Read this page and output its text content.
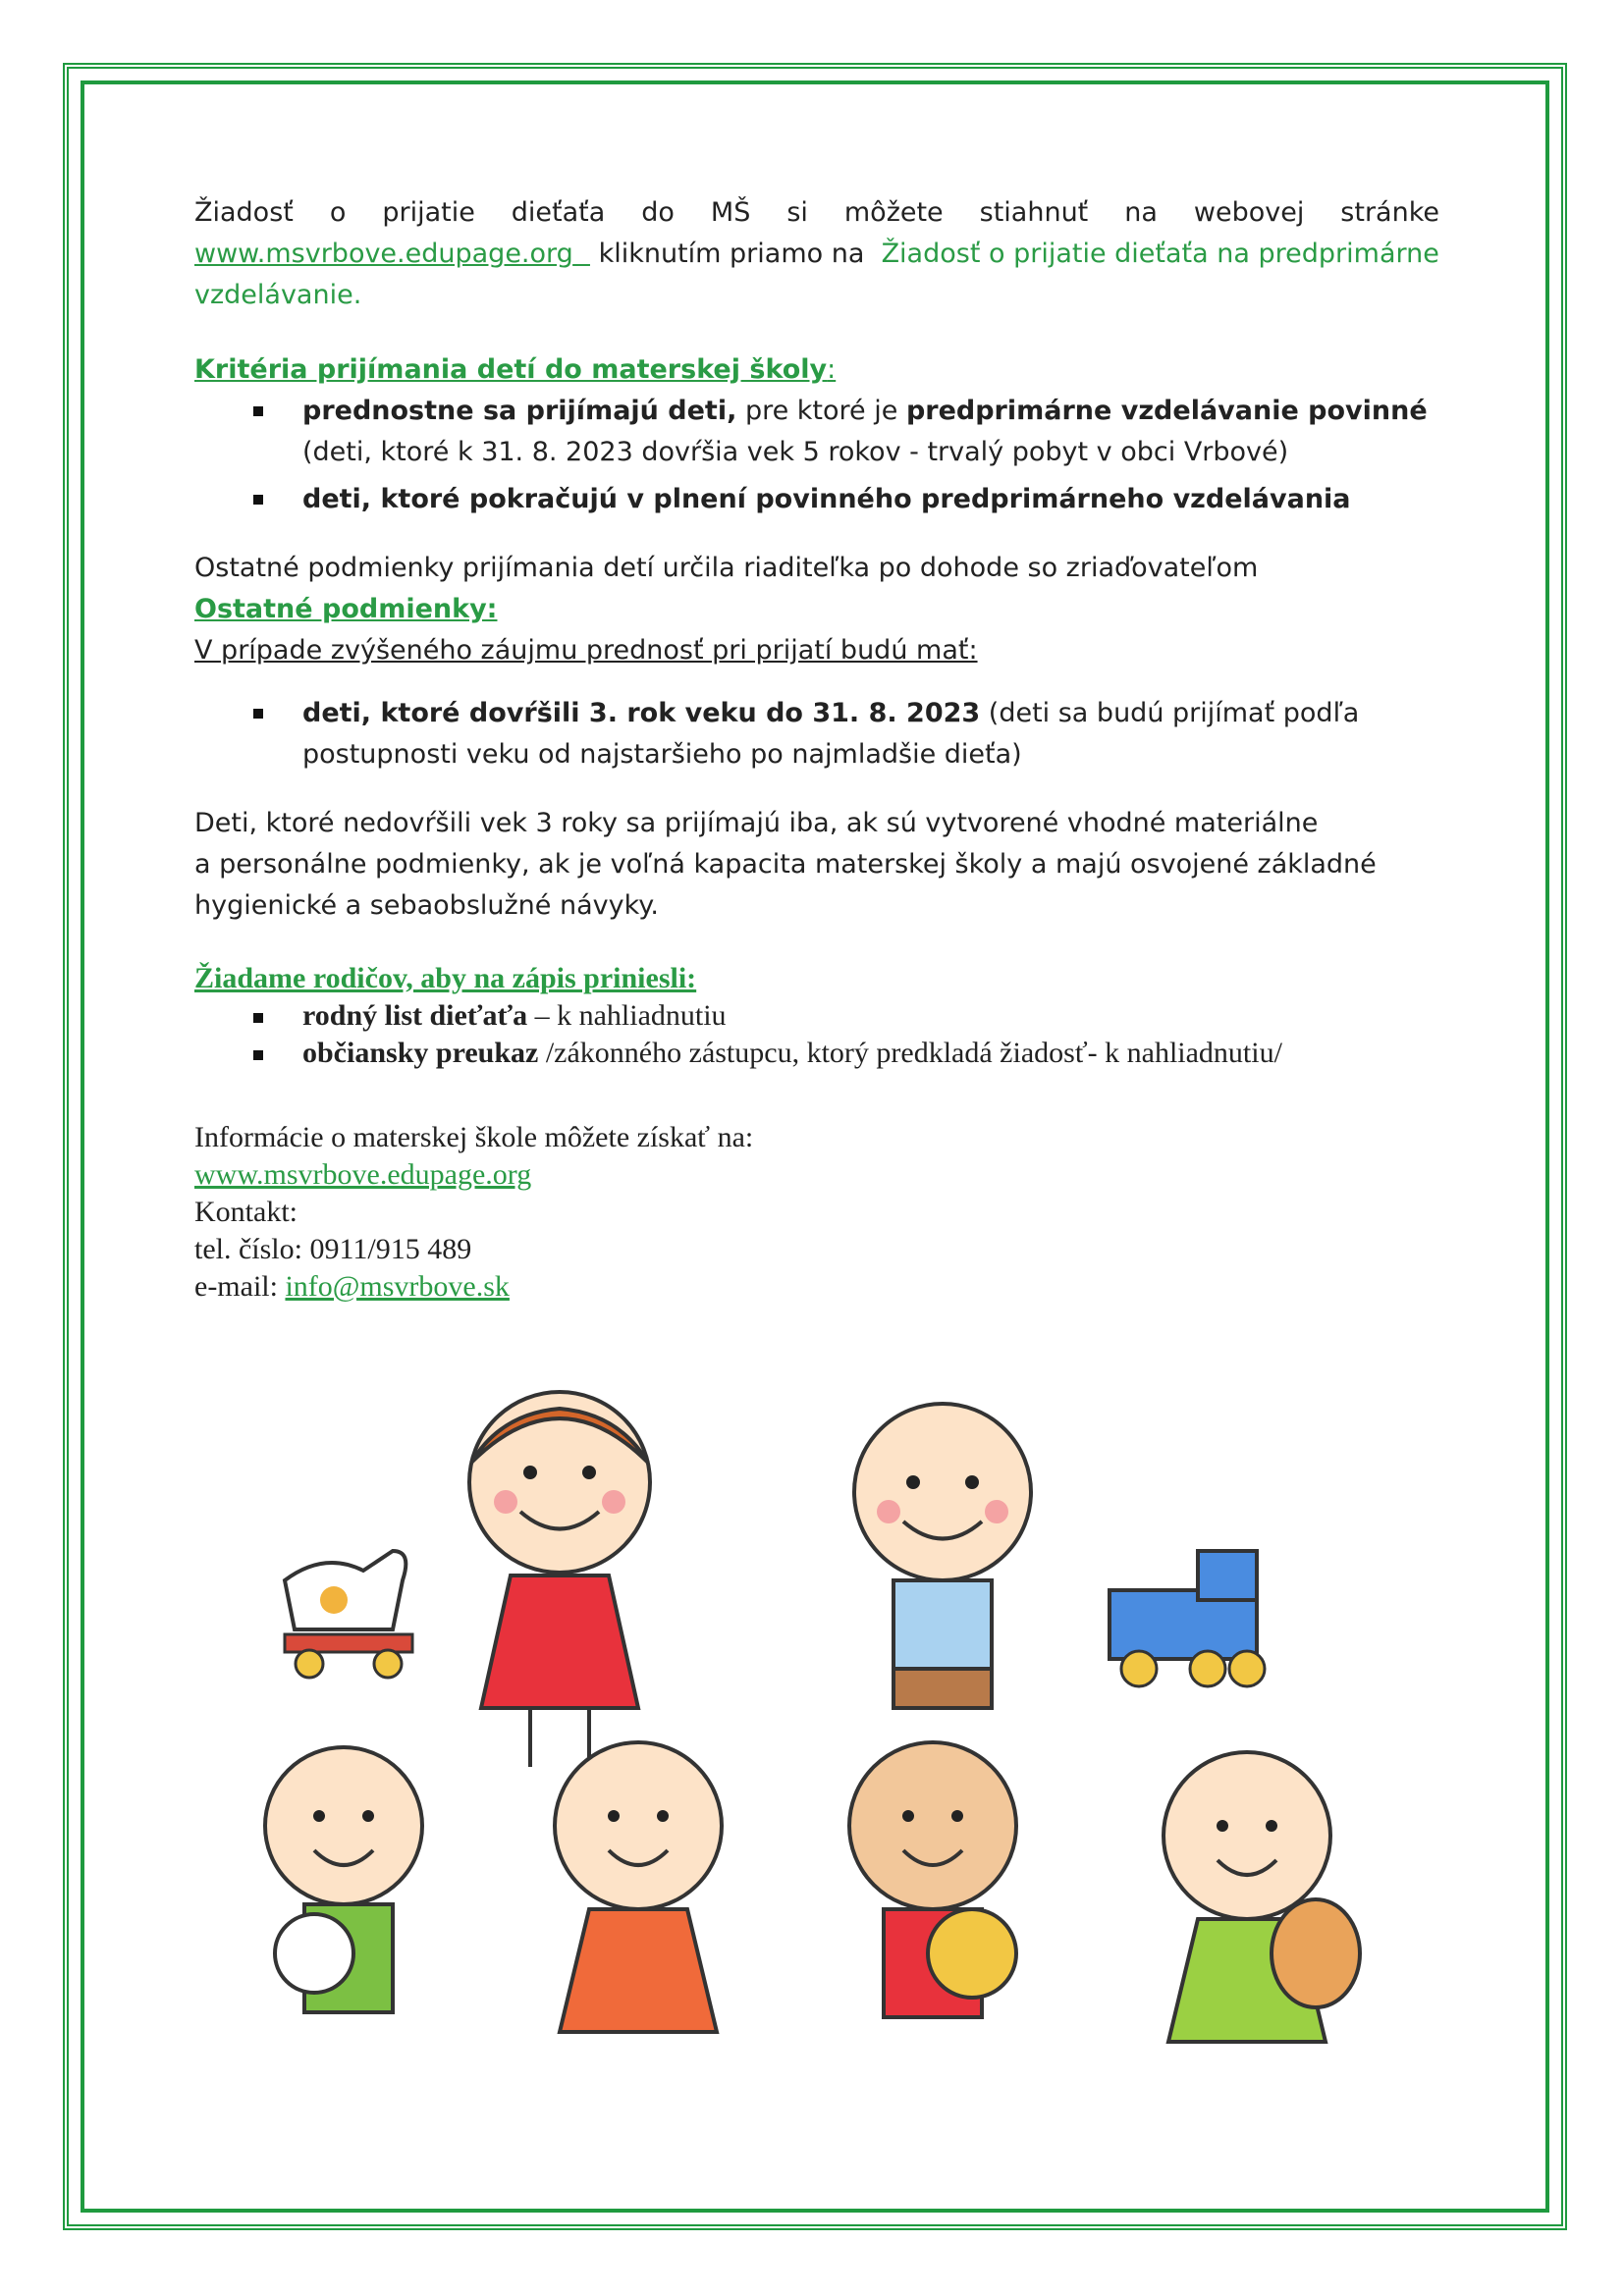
Žiadosť o prijatie dieťaťa do MŠ si môžete stiahnuť na webovej stránke

www.msvrbove.edupage.org kliknutím priamo na Žiadosť o prijatie dieťaťa na predprimárne

vzdelávanie.

Kritéria prijímania detí do materskej školy:

prednostne sa prijímajú deti, pre ktoré je predprimárne vzdelávanie povinné
(deti, ktoré k 31. 8. 2023 dovŕšia vek 5 rokov - trvalý pobyt v obci Vrbové)
deti, ktoré pokračujú v plnení povinného predprimárneho vzdelávania

Ostatné podmienky prijímania detí určila riaditeľka po dohode so zriaďovateľom

Ostatné podmienky:

V prípade zvýšeného záujmu prednosť pri prijatí budú mať:

deti, ktoré dovŕšili 3. rok veku do 31. 8. 2023 (deti sa budú prijímať podľa
postupnosti veku od najstaršieho po najmladšie dieťa)

Deti, ktoré nedovŕšili vek 3 roky sa prijímajú iba, ak sú vytvorené vhodné materiálne

a personálne podmienky, ak je voľná kapacita materskej školy a majú osvojené základné

hygienické a sebaobslužné návyky.

Žiadame rodičov, aby na zápis priniesli:

rodný list dieťaťa – k nahliadnutiu
občiansky preukaz /zákonného zástupcu, ktorý predkladá žiadosť- k nahliadnutiu/

Informácie o materskej škole môžete získať na:

www.msvrbove.edupage.org

Kontakt:

tel. číslo: 0911/915 489

e-mail: info@msvrbove.sk
